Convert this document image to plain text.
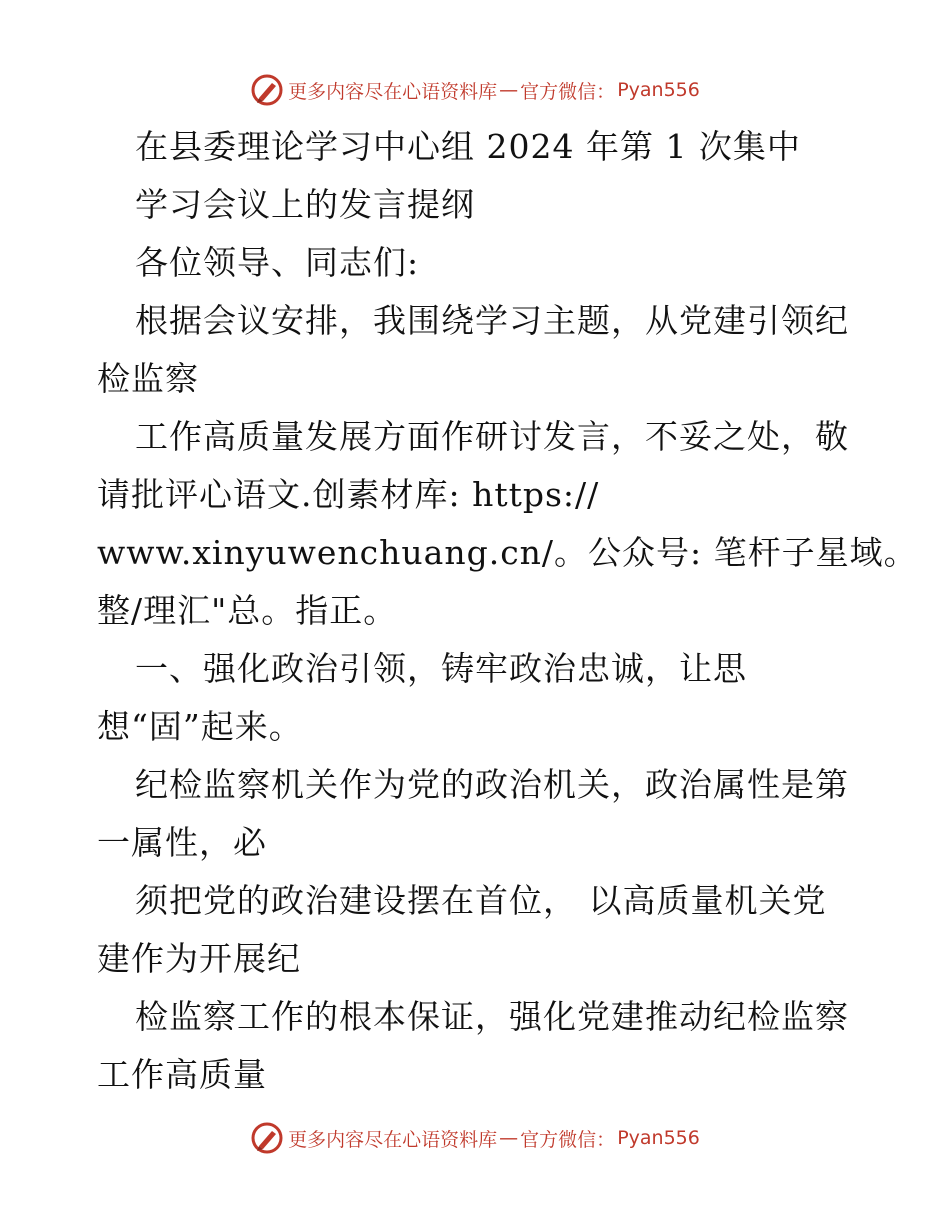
更多内容尽在心语资料库 — 官方微信： Pyan556
在县委理论学习中心组 2024 年第 1 次集中
学习会议上的发言提纲
各位领导、同志们:
根据会议安排，我围绕学习主题，从党建引领纪
检监察
工作高质量发展方面作研讨发言，不妥之处，敬
请批评心语文.创素材库: https://
www.xinyuwenchuang.cn/。公众号: 笔杆子星域。
整/理汇"总。指正。
一、强化政治引领，铸牢政治忠诚，让思
想“固”起来。
纪检监察机关作为党的政治机关，政治属性是第
一属性，必
须把党的政治建设摆在首位， 以高质量机关党
建作为开展纪
检监察工作的根本保证，强化党建推动纪检监察
工作高质量
更多内容尽在心语资料库 — 官方微信： Pyan556
